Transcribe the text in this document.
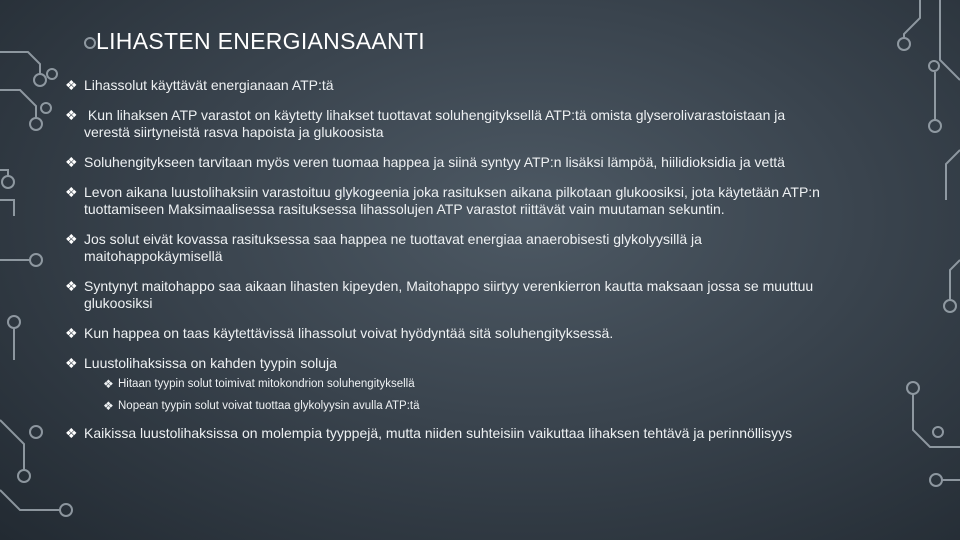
LIHASTEN ENERGIANSAANTI
❖ Lihassolut käyttävät energianaan ATP:tä
❖ Kun lihaksen ATP varastot on käytetty lihakset tuottavat soluhengityksellä ATP:tä omista glyserolivarastoistaan ja verestä siirtyneistä rasva hapoista ja glukoosista
❖ Soluhengitykseen tarvitaan myös veren tuomaa happea ja siinä syntyy ATP:n lisäksi lämpöä, hiilidioksidia ja vettä
❖ Levon aikana luustolihaksiin varastoituu glykogeenia joka rasituksen aikana pilkotaan glukoosiksi, jota käytetään ATP:n tuottamiseen Maksimaalisessa rasituksessa lihassolujen ATP varastot riittävät vain muutaman sekuntin.
❖ Jos solut eivät kovassa rasituksessa saa happea ne tuottavat energiaa anaerobisesti glykolyysillä ja maitohappokäymisellä
❖ Syntynyt maitohappo saa aikaan lihasten kipeyden, Maitohappo siirtyy verenkierron kautta maksaan jossa se muuttuu glukoosiksi
❖ Kun happea on taas käytettävissä lihassolut voivat hyödyntää sitä soluhengityksessä.
❖ Luustolihaksissa on kahden tyypin soluja
❖ Hitaan tyypin solut toimivat mitokondrion soluhengityksellä
❖ Nopean tyypin solut voivat tuottaa glykolyysin avulla ATP:tä
❖ Kaikissa luustolihaksissa on molempia tyyppejä, mutta niiden suhteisiin vaikuttaa lihaksen tehtävä ja perinnöllisyys
